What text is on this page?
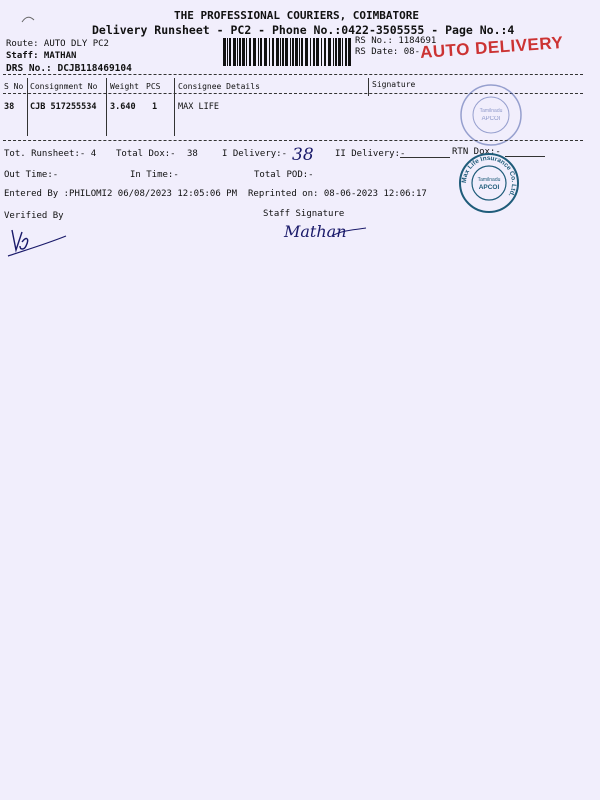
THE PROFESSIONAL COURIERS, COIMBATORE
Delivery Runsheet - PC2 - Phone No.:0422-3505555 - Page No.:4
Route: AUTO DLY PC2
Staff: MATHAN
DRS No.: DCJB118469104
RS No.: 1184691
RS Date: 08- AUTO DELIVERY
S No Consignment No Weight PCS Consignee Details	Signature
38 CJB 517255534 3.640 1 MAX LIFE	Tamilnadu
APCOI
Tot. Runsheet:- 4 Total Dox:- 38	I Delivery:- 38 II Delivery:-	RTN Dox:-
Out Time:-	In Time:-	Total POD:-
Max Life Insurance Co. Ltd.
Tamilnadu
APCOI
Entered By :PHILOMI2 06/08/2023 12:05:06 PM Reprinted on: 08-06-2023 12:06:17
Verified By	Staff Signature
Mathan
